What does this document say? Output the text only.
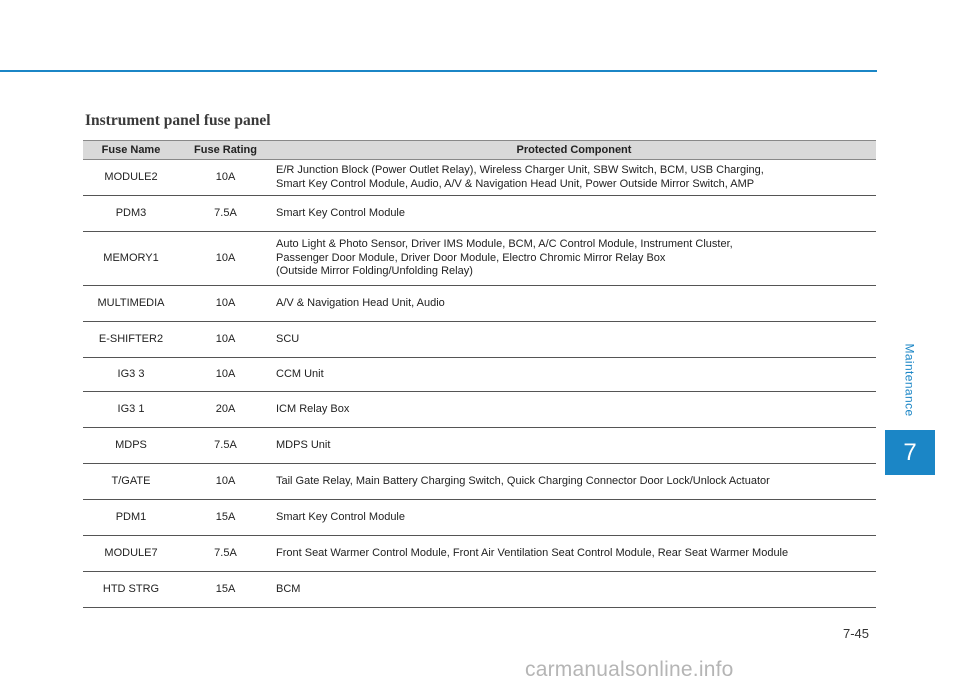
Maintenance
7
Instrument panel fuse panel
Fuse Name	Fuse Rating	Protected Component
MODULE2	10A	E/R Junction Block (Power Outlet Relay), Wireless Charger Unit, SBW Switch, BCM, USB Charging,
Smart Key Control Module, Audio, A/V & Navigation Head Unit, Power Outside Mirror Switch, AMP

PDM3	7.5A	Smart Key Control Module

MEMORY1	10A	Auto Light & Photo Sensor, Driver IMS Module, BCM, A/C Control Module, Instrument Cluster,
Passenger Door Module, Driver Door Module, Electro Chromic Mirror Relay Box
(Outside Mirror Folding/Unfolding Relay)

MULTIMEDIA	10A	A/V & Navigation Head Unit, Audio

E-SHIFTER2	10A	SCU

IG3 3	10A	CCM Unit

IG3 1	20A	ICM Relay Box

MDPS	7.5A	MDPS Unit

T/GATE	10A	Tail Gate Relay, Main Battery Charging Switch, Quick Charging Connector Door Lock/Unlock Actuator

PDM1	15A	Smart Key Control Module

MODULE7	7.5A	Front Seat Warmer Control Module, Front Air Ventilation Seat Control Module, Rear Seat Warmer Module

HTD STRG	15A	BCM
7-45
carmanualsonline.info
